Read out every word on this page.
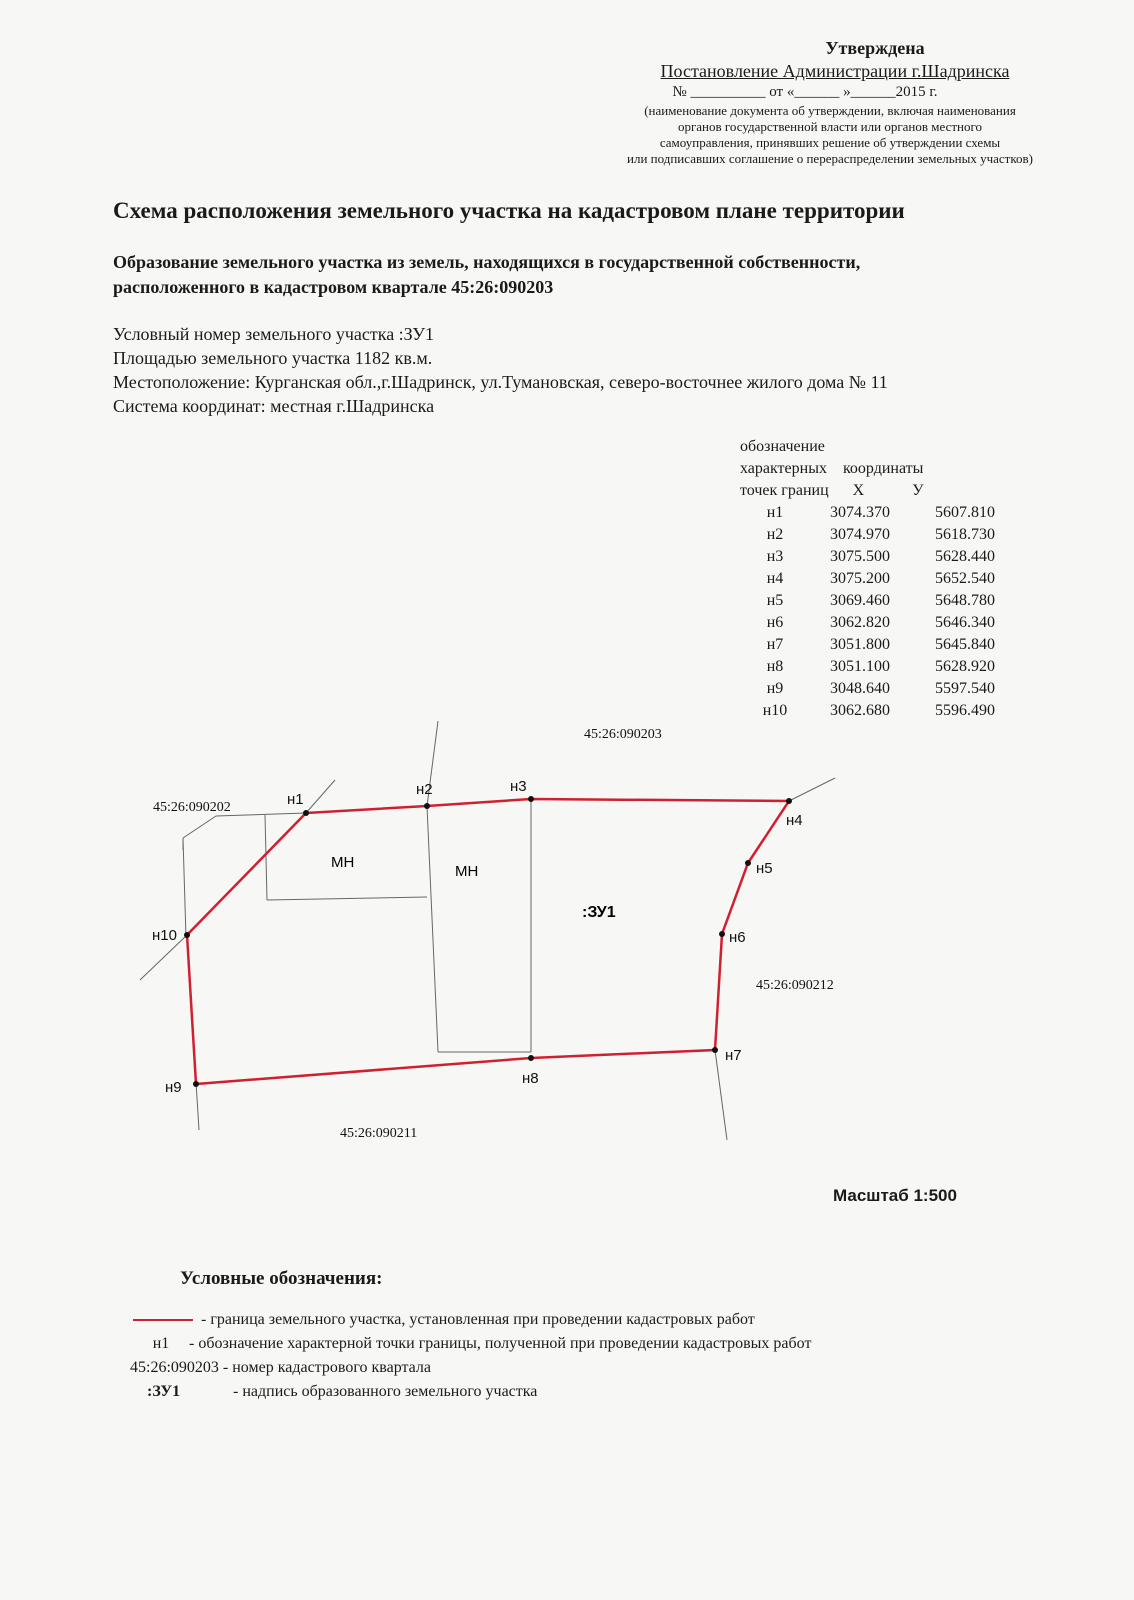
Утверждена
Постановление Администрации г.Шадринска
№ __________ от «______ »______2015 г.
(наименование документа об утверждении, включая наименования
органов государственной власти или органов местного
самоуправления, принявших решение об утверждении схемы
или подписавших соглашение о перераспределении земельных участков)
Схема расположения земельного участка на кадастровом плане территории
Образование земельного участка из земель, находящихся в государственной собственности,
расположенного в кадастровом квартале 45:26:090203
Условный номер земельного участка :ЗУ1
Площадью земельного участка 1182 кв.м.
Местоположение: Курганская обл.,г.Шадринск, ул.Тумановская, северо-восточнее жилого дома № 11
Система координат: местная г.Шадринска
обозначение
характерных    координаты
точек границ      X            У
н1	3074.370	5607.810
н2	3074.970	5618.730
н3	3075.500	5628.440
н4	3075.200	5652.540
н5	3069.460	5648.780
н6	3062.820	5646.340
н7	3051.800	5645.840
н8	3051.100	5628.920
н9	3048.640	5597.540
н10	3062.680	5596.490
н1
н2	н3
н4
н5
н6
н7
н8
н9
н10
45:26:090203
45:26:090202
45:26:090212
45:26:090211
МН
МН
:ЗУ1
Масштаб 1:500
Условные обозначения:
- граница земельного участка, установленная при проведении кадастровых работ
н1 - обозначение характерной точки границы, полученной при проведении кадастровых работ
45:26:090203 - номер кадастрового квартала
:ЗУ1	- надпись образованного земельного участка
